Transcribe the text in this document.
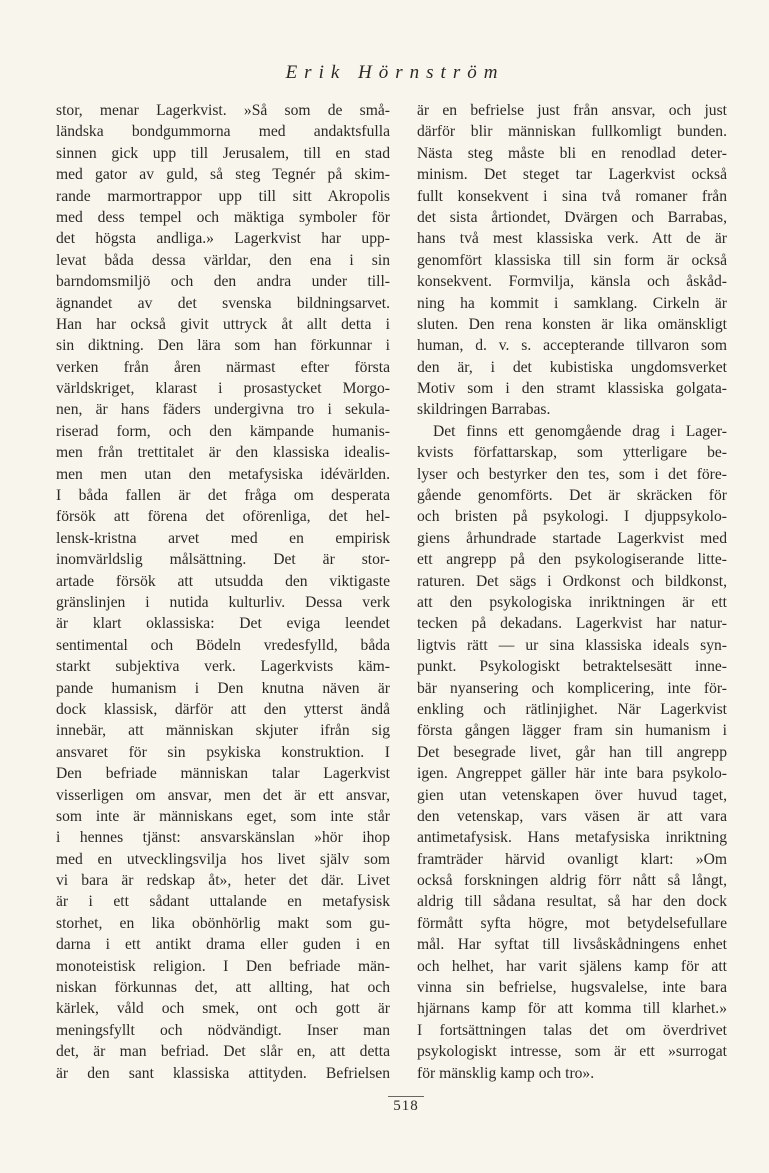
Erik Hörnström
stor, menar Lagerkvist. »Så som de små-
ländska bondgummorna med andaktsfulla
sinnen gick upp till Jerusalem, till en stad
med gator av guld, så steg Tegnér på skim-
rande marmortrappor upp till sitt Akropolis
med dess tempel och mäktiga symboler för
det högsta andliga.» Lagerkvist har upp-
levat båda dessa världar, den ena i sin
barndomsmiljö och den andra under till-
ägnandet av det svenska bildningsarvet.
Han har också givit uttryck åt allt detta i
sin diktning. Den lära som han förkunnar i
verken från åren närmast efter första
världskriget, klarast i prosastycket Morgo-
nen, är hans fäders undergivna tro i sekula-
riserad form, och den kämpande humanis-
men från trettitalet är den klassiska idealis-
men men utan den metafysiska idévärlden.
I båda fallen är det fråga om desperata
försök att förena det oförenliga, det hel-
lensk-kristna arvet med en empirisk
inomvärldslig målsättning. Det är stor-
artade försök att utsudda den viktigaste
gränslinjen i nutida kulturliv. Dessa verk
är klart oklassiska: Det eviga leendet
sentimental och Bödeln vredesfylld, båda
starkt subjektiva verk. Lagerkvists käm-
pande humanism i Den knutna näven är
dock klassisk, därför att den ytterst ändå
innebär, att människan skjuter ifrån sig
ansvaret för sin psykiska konstruktion. I
Den befriade människan talar Lagerkvist
visserligen om ansvar, men det är ett ansvar,
som inte är människans eget, som inte står
i hennes tjänst: ansvarskänslan »hör ihop
med en utvecklingsvilja hos livet själv som
vi bara är redskap åt», heter det där. Livet
är i ett sådant uttalande en metafysisk
storhet, en lika obönhörlig makt som gu-
darna i ett antikt drama eller guden i en
monoteistisk religion. I Den befriade män-
niskan förkunnas det, att allting, hat och
kärlek, våld och smek, ont och gott är
meningsfyllt och nödvändigt. Inser man
det, är man befriad. Det slår en, att detta
är den sant klassiska attityden. Befrielsen
är en befrielse just från ansvar, och just
därför blir människan fullkomligt bunden.
Nästa steg måste bli en renodlad deter-
minism. Det steget tar Lagerkvist också
fullt konsekvent i sina två romaner från
det sista årtiondet, Dvärgen och Barrabas,
hans två mest klassiska verk. Att de är
genomfört klassiska till sin form är också
konsekvent. Formvilja, känsla och åskåd-
ning ha kommit i samklang. Cirkeln är
sluten. Den rena konsten är lika omänskligt
human, d. v. s. accepterande tillvaron som
den är, i det kubistiska ungdomsverket
Motiv som i den stramt klassiska golgata-
skildringen Barrabas.
Det finns ett genomgående drag i Lager-
kvists författarskap, som ytterligare be-
lyser och bestyrker den tes, som i det före-
gående genomförts. Det är skräcken för
och bristen på psykologi. I djuppsykolo-
giens århundrade startade Lagerkvist med
ett angrepp på den psykologiserande litte-
raturen. Det sägs i Ordkonst och bildkonst,
att den psykologiska inriktningen är ett
tecken på dekadans. Lagerkvist har natur-
ligtvis rätt — ur sina klassiska ideals syn-
punkt. Psykologiskt betraktelsesätt inne-
bär nyansering och komplicering, inte för-
enkling och rätlinjighet. När Lagerkvist
första gången lägger fram sin humanism i
Det besegrade livet, går han till angrepp
igen. Angreppet gäller här inte bara psykolo-
gien utan vetenskapen över huvud taget,
den vetenskap, vars väsen är att vara
antimetafysisk. Hans metafysiska inriktning
framträder härvid ovanligt klart: »Om
också forskningen aldrig förr nått så långt,
aldrig till sådana resultat, så har den dock
förmått syfta högre, mot betydelsefullare
mål. Har syftat till livsåskådningens enhet
och helhet, har varit själens kamp för att
vinna sin befrielse, hugsvalelse, inte bara
hjärnans kamp för att komma till klarhet.»
I fortsättningen talas det om överdrivet
psykologiskt intresse, som är ett »surrogat
för mänsklig kamp och tro».
518
